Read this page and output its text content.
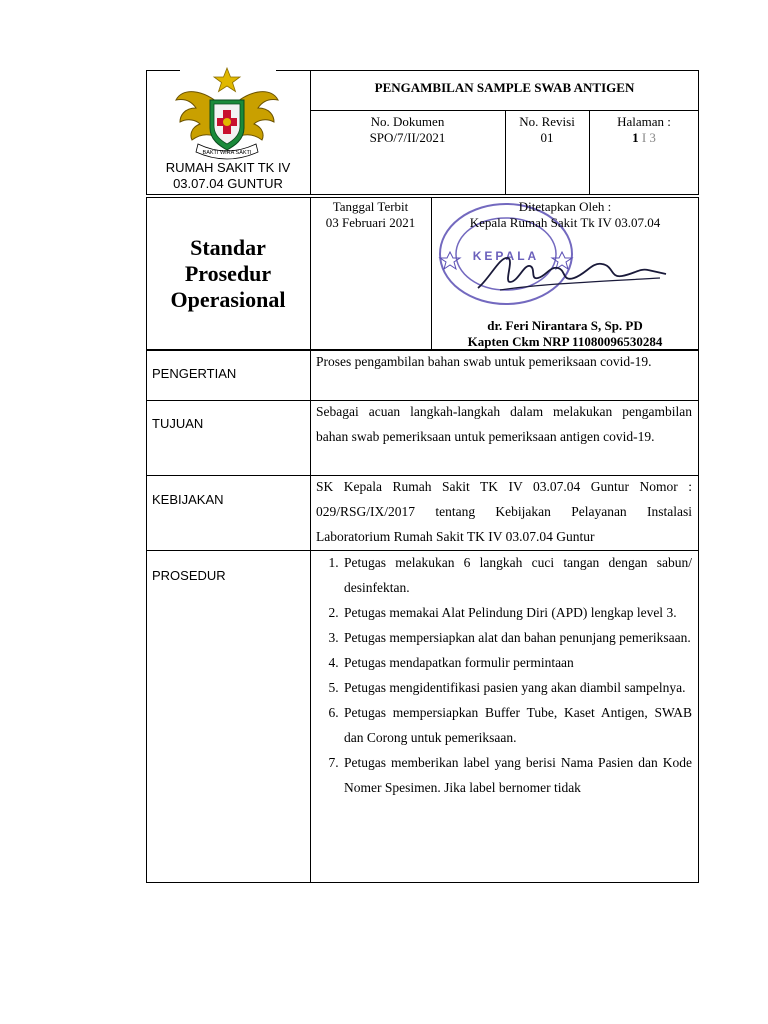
BAKTI WIRA SAKTI
RUMAH SAKIT TK IV 03.07.04 GUNTUR
PENGAMBILAN SAMPLE SWAB ANTIGEN
No. Dokumen
SPO/7/II/2021
No. Revisi
01
Halaman :
1 I 3
Standar
Prosedur
Operasional
Tanggal Terbit
03 Februari 2021
KEPALA
Ditetapkan Oleh :
Kepala Rumah Sakit Tk IV 03.07.04
dr. Feri Nirantara S, Sp. PD
Kapten Ckm NRP 11080096530284
PENGERTIAN
Proses pengambilan bahan swab untuk pemeriksaan covid-19.
TUJUAN
Sebagai acuan langkah-langkah dalam melakukan pengambilan bahan swab pemeriksaan untuk pemeriksaan antigen covid-19.
KEBIJAKAN
SK Kepala Rumah Sakit TK IV 03.07.04 Guntur Nomor : 029/RSG/IX/2017 tentang Kebijakan Pelayanan Instalasi Laboratorium Rumah Sakit TK IV 03.07.04 Guntur
PROSEDUR
1. Petugas melakukan 6 langkah cuci tangan dengan sabun/ desinfektan.
2. Petugas memakai Alat Pelindung Diri (APD) lengkap level 3.
3. Petugas mempersiapkan alat dan bahan penunjang pemeriksaan.
4. Petugas mendapatkan formulir permintaan
5. Petugas mengidentifikasi pasien yang akan diambil sampelnya.
6. Petugas mempersiapkan Buffer Tube, Kaset Antigen, SWAB dan Corong untuk pemeriksaan.
7. Petugas memberikan label yang berisi Nama Pasien dan Kode Nomer Spesimen. Jika label bernomer tidak
